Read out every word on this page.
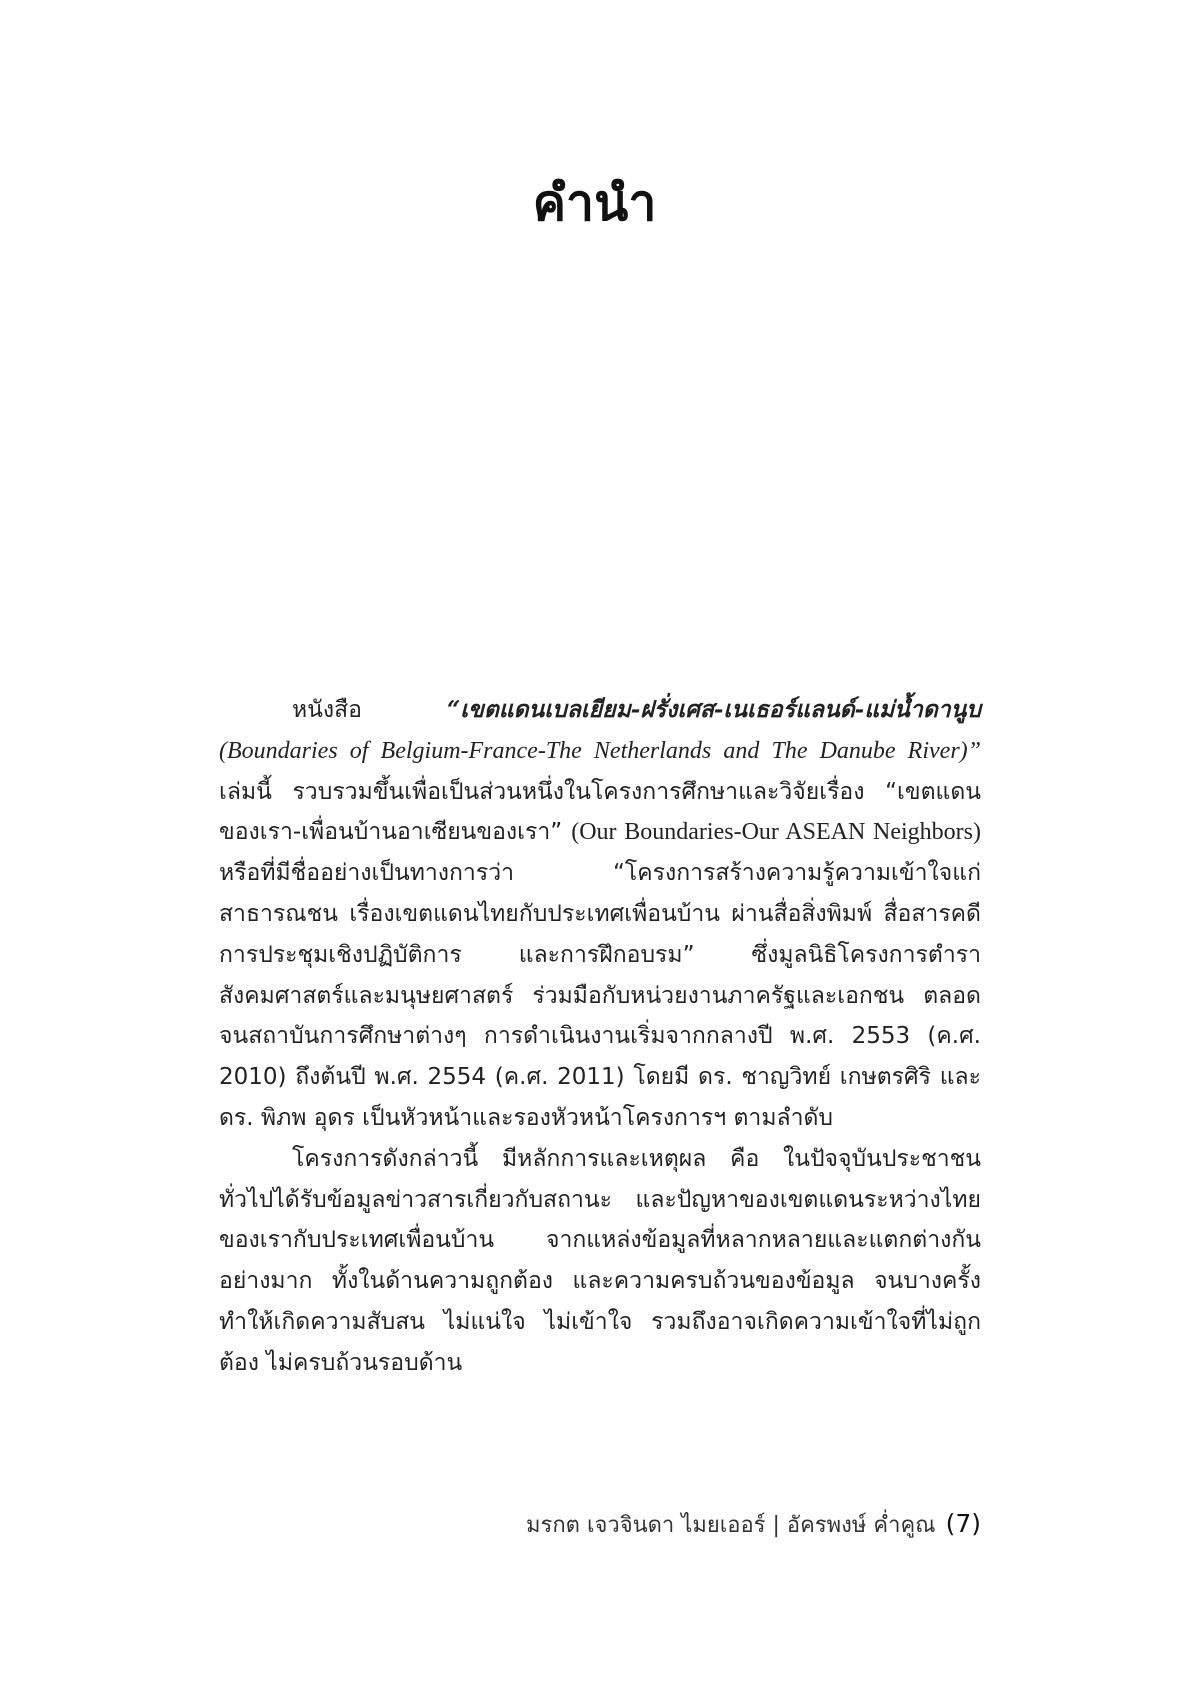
คำนำ

หนังสือ “เขตแดนเบลเยียม-ฝรั่งเศส-เนเธอร์แลนด์-แม่น้ำดานูบ (Boundaries of Belgium-France-The Netherlands and The Danube River)” เล่มนี้ รวบรวมขึ้นเพื่อเป็นส่วนหนึ่งในโครงการศึกษาและวิจัยเรื่อง “เขตแดนของเรา-เพื่อนบ้านอาเซียนของเรา” (Our Boundaries-Our ASEAN Neighbors) หรือที่มีชื่ออย่างเป็นทางการว่า “โครงการสร้างความรู้ความเข้าใจแก่สาธารณชน เรื่องเขตแดนไทยกับประเทศเพื่อนบ้าน ผ่านสื่อสิ่งพิมพ์ สื่อสารคดี การประชุมเชิงปฏิบัติการ และการฝึกอบรม” ซึ่งมูลนิธิโครงการตำราสังคมศาสตร์และมนุษยศาสตร์ ร่วมมือกับหน่วยงานภาครัฐและเอกชน ตลอดจนสถาบันการศึกษาต่างๆ การดำเนินงานเริ่มจากกลางปี พ.ศ. 2553 (ค.ศ. 2010) ถึงต้นปี พ.ศ. 2554 (ค.ศ. 2011) โดยมี ดร. ชาญวิทย์ เกษตรศิริ และ ดร. พิภพ อุดร เป็นหัวหน้าและรองหัวหน้าโครงการฯ ตามลำดับ

โครงการดังกล่าวนี้ มีหลักการและเหตุผล คือ ในปัจจุบันประชาชนทั่วไปได้รับข้อมูลข่าวสารเกี่ยวกับสถานะ และปัญหาของเขตแดนระหว่างไทยของเรากับประเทศเพื่อนบ้าน จากแหล่งข้อมูลที่หลากหลายและแตกต่างกันอย่างมาก ทั้งในด้านความถูกต้อง และความครบถ้วนของข้อมูล จนบางครั้งทำให้เกิดความสับสน ไม่แน่ใจ ไม่เข้าใจ รวมถึงอาจเกิดความเข้าใจที่ไม่ถูกต้อง ไม่ครบถ้วนรอบด้าน

มรกต เจวจินดา ไมยเออร์ | อัครพงษ์ ค่ำคูณ (7)
